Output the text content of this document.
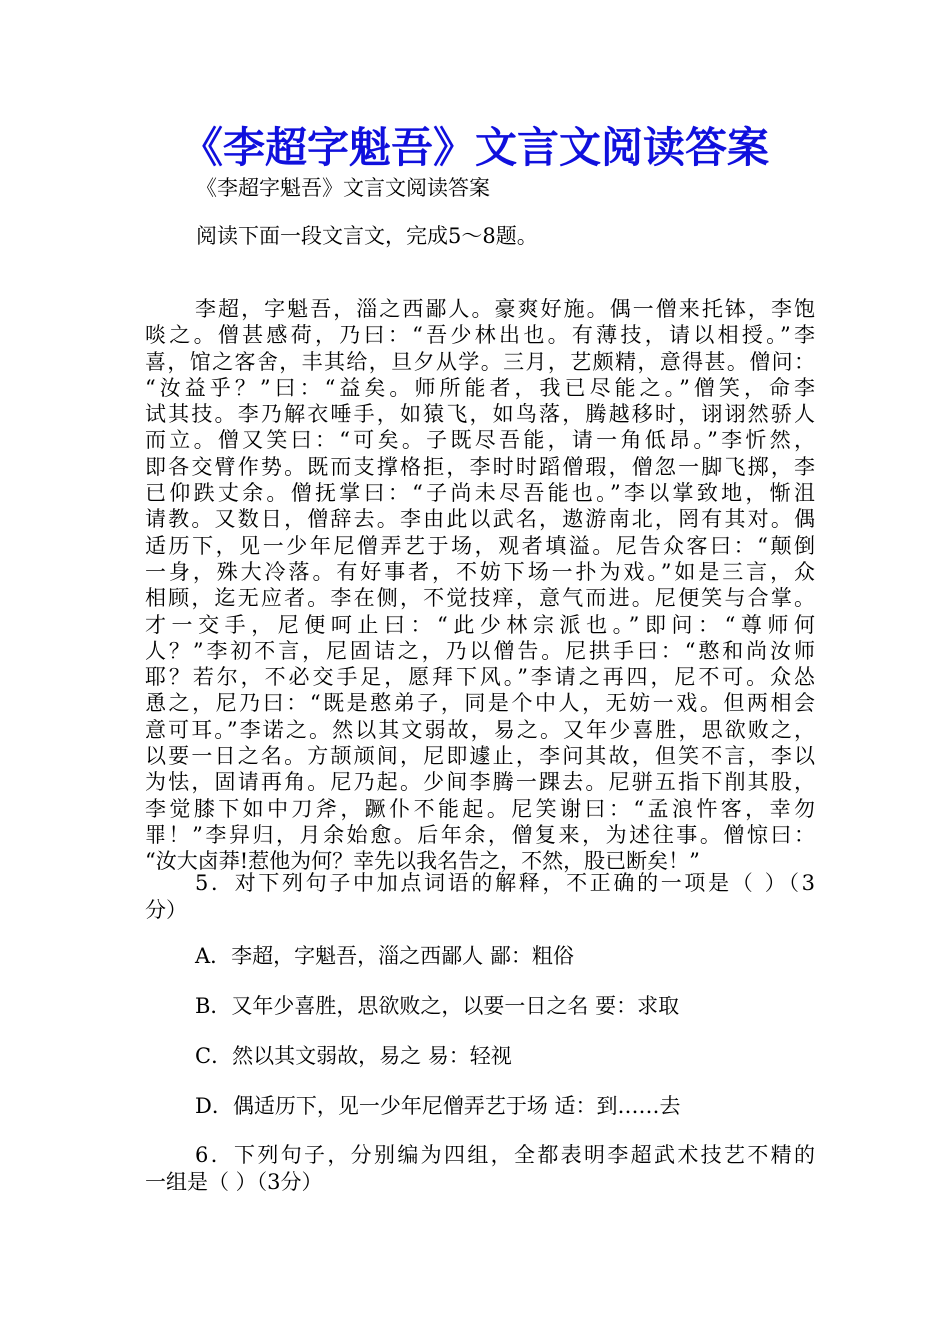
《李超字魁吾》文言文阅读答案
《李超字魁吾》文言文阅读答案
阅读下面一段文言文，完成5～8题。
李超，字魁吾，淄之西鄙人。豪爽好施。偶一僧来托钵，李饱
啖之。僧甚感荷，乃曰：“吾少林出也。有薄技，请以相授。”李
喜，馆之客舍，丰其给，旦夕从学。三月，艺颇精，意得甚。僧问：
“汝益乎？”曰：“益矣。师所能者，我已尽能之。”僧笑，命李
试其技。李乃解衣唾手，如猿飞，如鸟落，腾越移时，诩诩然骄人
而立。僧又笑曰：“可矣。子既尽吾能，请一角低昂。”李忻然，
即各交臂作势。既而支撑格拒，李时时蹈僧瑕，僧忽一脚飞掷，李
已仰跌丈余。僧抚掌曰：“子尚未尽吾能也。”李以掌致地，惭沮
请教。又数日，僧辞去。李由此以武名，遨游南北，罔有其对。偶
适历下，见一少年尼僧弄艺于场，观者填溢。尼告众客曰：“颠倒
一身，殊大冷落。有好事者，不妨下场一扑为戏。”如是三言，众
相顾，迄无应者。李在侧，不觉技痒，意气而进。尼便笑与合掌。
才一交手，尼便呵止曰：“此少林宗派也。”即问：“尊师何
人？”李初不言，尼固诘之，乃以僧告。尼拱手曰：“憨和尚汝师
耶？若尔，不必交手足，愿拜下风。”李请之再四，尼不可。众怂
恿之，尼乃曰：“既是憨弟子，同是个中人，无妨一戏。但两相会
意可耳。”李诺之。然以其文弱故，易之。又年少喜胜，思欲败之，
以要一日之名。方颉颃间，尼即遽止，李问其故，但笑不言，李以
为怯，固请再角。尼乃起。少间李腾一踝去。尼骈五指下削其股，
李觉膝下如中刀斧，蹶仆不能起。尼笑谢曰：“孟浪忤客，幸勿
罪！”李舁归，月余始愈。后年余，僧复来，为述往事。僧惊曰：
“汝大卤莽!惹他为何？幸先以我名告之，不然，股已断矣！”
5．对下列句子中加点词语的解释，不正确的一项是（ ）（3
分）
A．李超，字魁吾，淄之西鄙人 鄙：粗俗
B．又年少喜胜，思欲败之，以要一日之名 要：求取
C．然以其文弱故，易之 易：轻视
D．偶适历下，见一少年尼僧弄艺于场 适：到……去
6．下列句子，分别编为四组，全都表明李超武术技艺不精的
一组是（ ）（3分）
